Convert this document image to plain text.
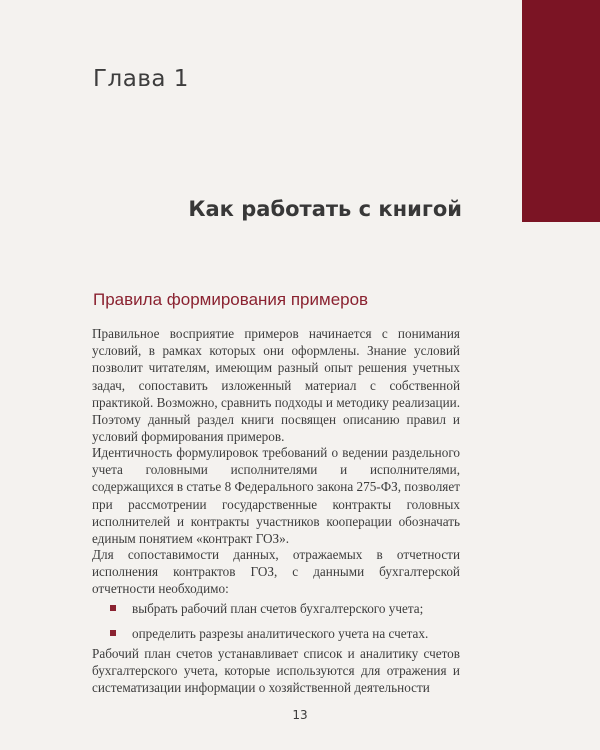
Глава 1
Как работать с книгой
Правила формирования примеров

Правильное восприятие примеров начинается с понимания условий, в рамках которых они оформлены. Знание условий позволит читателям, имеющим разный опыт решения учетных задач, сопоставить изложенный материал с собственной практикой. Возможно, сравнить подходы и методику реализации. Поэтому данный раздел книги посвящен описанию правил и условий формирования примеров.

Идентичность формулировок требований о ведении раздельного учета головными исполнителями и исполнителями, содержащихся в статье 8 Федерального закона 275-ФЗ, позволяет при рассмотрении государственные контракты головных исполнителей и контракты участников кооперации обозначать единым понятием «контракт ГОЗ».

Для сопоставимости данных, отражаемых в отчетности исполнения контрактов ГОЗ, с данными бухгалтерской отчетности необходимо:

выбрать рабочий план счетов бухгалтерского учета;
определить разрезы аналитического учета на счетах.

Рабочий план счетов устанавливает список и аналитику счетов бухгалтерского учета, которые используются для отражения и систематизации информации о хозяйственной деятельности

13
